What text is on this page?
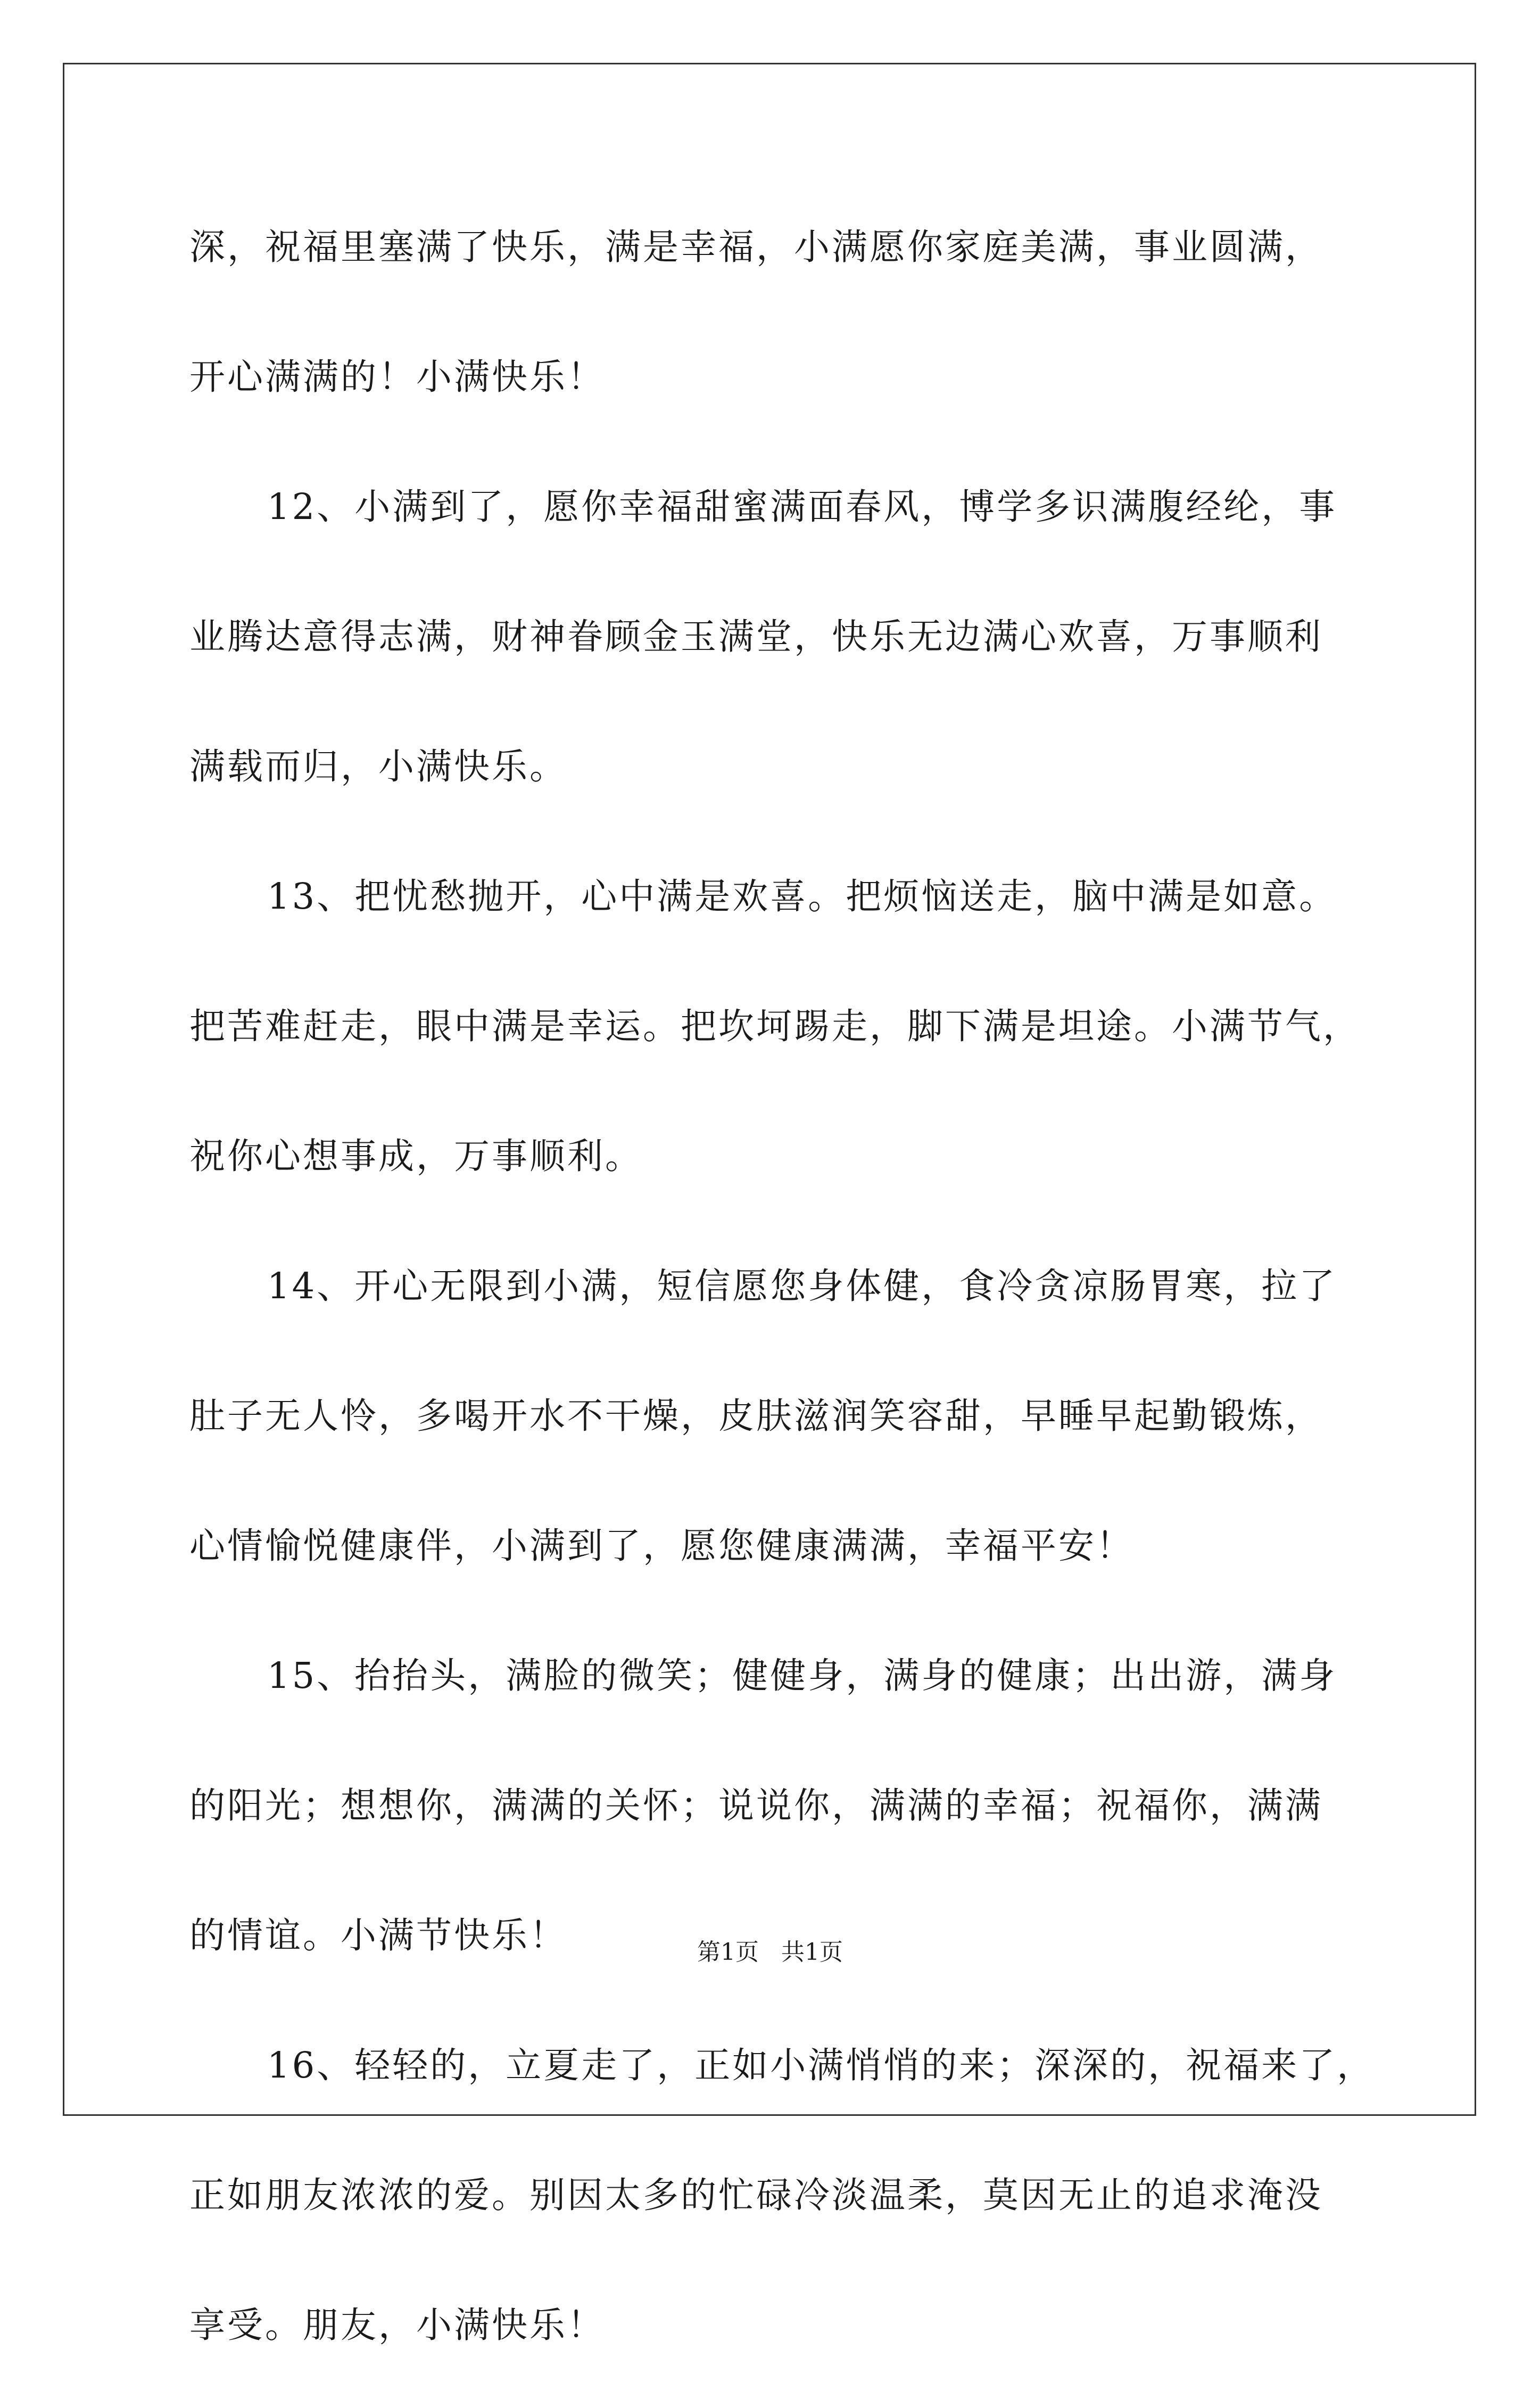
深，祝福里塞满了快乐，满是幸福，小满愿你家庭美满，事业圆满，
开心满满的！小满快乐！
12、小满到了，愿你幸福甜蜜满面春风，博学多识满腹经纶，事
业腾达意得志满，财神眷顾金玉满堂，快乐无边满心欢喜，万事顺利
满载而归，小满快乐。
13、把忧愁抛开，心中满是欢喜。把烦恼送走，脑中满是如意。
把苦难赶走，眼中满是幸运。把坎坷踢走，脚下满是坦途。小满节气，
祝你心想事成，万事顺利。
14、开心无限到小满，短信愿您身体健，食冷贪凉肠胃寒，拉了
肚子无人怜，多喝开水不干燥，皮肤滋润笑容甜，早睡早起勤锻炼，
心情愉悦健康伴，小满到了，愿您健康满满，幸福平安！
15、抬抬头，满脸的微笑；健健身，满身的健康；出出游，满身
的阳光；想想你，满满的关怀；说说你，满满的幸福；祝福你，满满
的情谊。小满节快乐！
16、轻轻的，立夏走了，正如小满悄悄的来；深深的，祝福来了，
正如朋友浓浓的爱。别因太多的忙碌冷淡温柔，莫因无止的追求淹没
享受。朋友，小满快乐！
第1页   共1页
